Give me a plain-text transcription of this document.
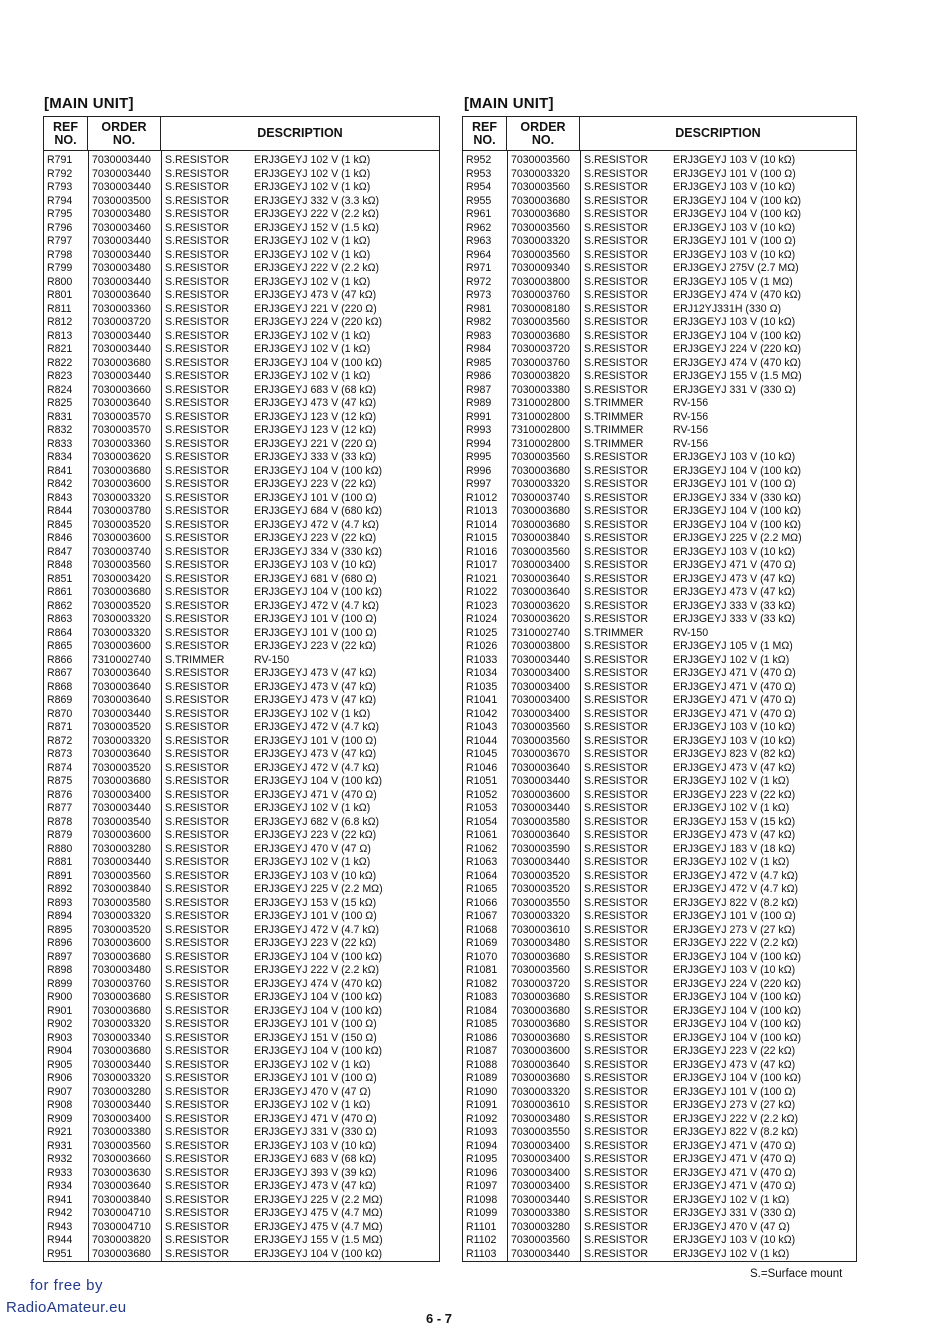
[MAIN UNIT]	[MAIN UNIT]
REF
NO.
ORDER
NO.	DESCRIPTION
R791 7030003440 S.RESISTOR ERJ3GEYJ 102 V (1 kΩ)
R792 7030003440 S.RESISTOR ERJ3GEYJ 102 V (1 kΩ)
R793 7030003440 S.RESISTOR ERJ3GEYJ 102 V (1 kΩ)
R794 7030003500 S.RESISTOR ERJ3GEYJ 332 V (3.3 kΩ)
R795 7030003480 S.RESISTOR ERJ3GEYJ 222 V (2.2 kΩ)
R796 7030003460 S.RESISTOR ERJ3GEYJ 152 V (1.5 kΩ)
R797 7030003440 S.RESISTOR ERJ3GEYJ 102 V (1 kΩ)
R798 7030003440 S.RESISTOR ERJ3GEYJ 102 V (1 kΩ)
R799 7030003480 S.RESISTOR ERJ3GEYJ 222 V (2.2 kΩ)
R800 7030003440 S.RESISTOR ERJ3GEYJ 102 V (1 kΩ)
R801 7030003640 S.RESISTOR ERJ3GEYJ 473 V (47 kΩ)
R811 7030003360 S.RESISTOR ERJ3GEYJ 221 V (220 Ω)
R812 7030003720 S.RESISTOR ERJ3GEYJ 224 V (220 kΩ)
R813 7030003440 S.RESISTOR ERJ3GEYJ 102 V (1 kΩ)
R821 7030003440 S.RESISTOR ERJ3GEYJ 102 V (1 kΩ)
R822 7030003680 S.RESISTOR ERJ3GEYJ 104 V (100 kΩ)
R823 7030003440 S.RESISTOR ERJ3GEYJ 102 V (1 kΩ)
R824 7030003660 S.RESISTOR ERJ3GEYJ 683 V (68 kΩ)
R825 7030003640 S.RESISTOR ERJ3GEYJ 473 V (47 kΩ)
R831 7030003570 S.RESISTOR ERJ3GEYJ 123 V (12 kΩ)
R832 7030003570 S.RESISTOR ERJ3GEYJ 123 V (12 kΩ)
R833 7030003360 S.RESISTOR ERJ3GEYJ 221 V (220 Ω)
R834 7030003620 S.RESISTOR ERJ3GEYJ 333 V (33 kΩ)
R841 7030003680 S.RESISTOR ERJ3GEYJ 104 V (100 kΩ)
R842 7030003600 S.RESISTOR ERJ3GEYJ 223 V (22 kΩ)
R843 7030003320 S.RESISTOR ERJ3GEYJ 101 V (100 Ω)
R844 7030003780 S.RESISTOR ERJ3GEYJ 684 V (680 kΩ)
R845 7030003520 S.RESISTOR ERJ3GEYJ 472 V (4.7 kΩ)
R846 7030003600 S.RESISTOR ERJ3GEYJ 223 V (22 kΩ)
R847 7030003740 S.RESISTOR ERJ3GEYJ 334 V (330 kΩ)
R848 7030003560 S.RESISTOR ERJ3GEYJ 103 V (10 kΩ)
R851 7030003420 S.RESISTOR ERJ3GEYJ 681 V (680 Ω)
R861 7030003680 S.RESISTOR ERJ3GEYJ 104 V (100 kΩ)
R862 7030003520 S.RESISTOR ERJ3GEYJ 472 V (4.7 kΩ)
R863 7030003320 S.RESISTOR ERJ3GEYJ 101 V (100 Ω)
R864 7030003320 S.RESISTOR ERJ3GEYJ 101 V (100 Ω)
R865 7030003600 S.RESISTOR ERJ3GEYJ 223 V (22 kΩ)
R866 7310002740 S.TRIMMER	RV-150
R867 7030003640 S.RESISTOR ERJ3GEYJ 473 V (47 kΩ)
R868 7030003640 S.RESISTOR ERJ3GEYJ 473 V (47 kΩ)
R869 7030003640 S.RESISTOR ERJ3GEYJ 473 V (47 kΩ)
R870 7030003440 S.RESISTOR ERJ3GEYJ 102 V (1 kΩ)
R871 7030003520 S.RESISTOR ERJ3GEYJ 472 V (4.7 kΩ)
R872 7030003320 S.RESISTOR ERJ3GEYJ 101 V (100 Ω)
R873 7030003640 S.RESISTOR ERJ3GEYJ 473 V (47 kΩ)
R874 7030003520 S.RESISTOR ERJ3GEYJ 472 V (4.7 kΩ)
R875 7030003680 S.RESISTOR ERJ3GEYJ 104 V (100 kΩ)
R876 7030003400 S.RESISTOR ERJ3GEYJ 471 V (470 Ω)
R877 7030003440 S.RESISTOR ERJ3GEYJ 102 V (1 kΩ)
R878 7030003540 S.RESISTOR ERJ3GEYJ 682 V (6.8 kΩ)
R879 7030003600 S.RESISTOR ERJ3GEYJ 223 V (22 kΩ)
R880 7030003280 S.RESISTOR ERJ3GEYJ 470 V (47 Ω)
R881 7030003440 S.RESISTOR ERJ3GEYJ 102 V (1 kΩ)
R891 7030003560 S.RESISTOR ERJ3GEYJ 103 V (10 kΩ)
R892 7030003840 S.RESISTOR ERJ3GEYJ 225 V (2.2 MΩ)
R893 7030003580 S.RESISTOR ERJ3GEYJ 153 V (15 kΩ)
R894 7030003320 S.RESISTOR ERJ3GEYJ 101 V (100 Ω)
R895 7030003520 S.RESISTOR ERJ3GEYJ 472 V (4.7 kΩ)
R896 7030003600 S.RESISTOR ERJ3GEYJ 223 V (22 kΩ)
R897 7030003680 S.RESISTOR ERJ3GEYJ 104 V (100 kΩ)
R898 7030003480 S.RESISTOR ERJ3GEYJ 222 V (2.2 kΩ)
R899 7030003760 S.RESISTOR ERJ3GEYJ 474 V (470 kΩ)
R900 7030003680 S.RESISTOR ERJ3GEYJ 104 V (100 kΩ)
R901 7030003680 S.RESISTOR ERJ3GEYJ 104 V (100 kΩ)
R902 7030003320 S.RESISTOR ERJ3GEYJ 101 V (100 Ω)
R903 7030003340 S.RESISTOR ERJ3GEYJ 151 V (150 Ω)
R904 7030003680 S.RESISTOR ERJ3GEYJ 104 V (100 kΩ)
R905 7030003440 S.RESISTOR ERJ3GEYJ 102 V (1 kΩ)
R906 7030003320 S.RESISTOR ERJ3GEYJ 101 V (100 Ω)
R907 7030003280 S.RESISTOR ERJ3GEYJ 470 V (47 Ω)
R908 7030003440 S.RESISTOR ERJ3GEYJ 102 V (1 kΩ)
R909 7030003400 S.RESISTOR ERJ3GEYJ 471 V (470 Ω)
R921 7030003380 S.RESISTOR ERJ3GEYJ 331 V (330 Ω)
R931 7030003560 S.RESISTOR ERJ3GEYJ 103 V (10 kΩ)
R932 7030003660 S.RESISTOR ERJ3GEYJ 683 V (68 kΩ)
R933 7030003630 S.RESISTOR ERJ3GEYJ 393 V (39 kΩ)
R934 7030003640 S.RESISTOR ERJ3GEYJ 473 V (47 kΩ)
R941 7030003840 S.RESISTOR ERJ3GEYJ 225 V (2.2 MΩ)
R942 7030004710 S.RESISTOR ERJ3GEYJ 475 V (4.7 MΩ)
R943 7030004710 S.RESISTOR ERJ3GEYJ 475 V (4.7 MΩ)
R944 7030003820 S.RESISTOR ERJ3GEYJ 155 V (1.5 MΩ)
R951 7030003680 S.RESISTOR ERJ3GEYJ 104 V (100 kΩ)
REF
NO.
ORDER
NO.	DESCRIPTION
R952 7030003560 S.RESISTOR ERJ3GEYJ 103 V (10 kΩ)
R953 7030003320 S.RESISTOR ERJ3GEYJ 101 V (100 Ω)
R954 7030003560 S.RESISTOR ERJ3GEYJ 103 V (10 kΩ)
R955 7030003680 S.RESISTOR ERJ3GEYJ 104 V (100 kΩ)
R961 7030003680 S.RESISTOR ERJ3GEYJ 104 V (100 kΩ)
R962 7030003560 S.RESISTOR ERJ3GEYJ 103 V (10 kΩ)
R963 7030003320 S.RESISTOR ERJ3GEYJ 101 V (100 Ω)
R964 7030003560 S.RESISTOR ERJ3GEYJ 103 V (10 kΩ)
R971 7030009340 S.RESISTOR ERJ3GEYJ 275V (2.7 MΩ)
R972 7030003800 S.RESISTOR ERJ3GEYJ 105 V (1 MΩ)
R973 7030003760 S.RESISTOR ERJ3GEYJ 474 V (470 kΩ)
R981 7030008180 S.RESISTOR ERJ12YJ331H (330 Ω)
R982 7030003560 S.RESISTOR ERJ3GEYJ 103 V (10 kΩ)
R983 7030003680 S.RESISTOR ERJ3GEYJ 104 V (100 kΩ)
R984 7030003720 S.RESISTOR ERJ3GEYJ 224 V (220 kΩ)
R985 7030003760 S.RESISTOR ERJ3GEYJ 474 V (470 kΩ)
R986 7030003820 S.RESISTOR ERJ3GEYJ 155 V (1.5 MΩ)
R987 7030003380 S.RESISTOR ERJ3GEYJ 331 V (330 Ω)
R989 7310002800 S.TRIMMER	RV-156
R991 7310002800 S.TRIMMER	RV-156
R993 7310002800 S.TRIMMER	RV-156
R994 7310002800 S.TRIMMER	RV-156
R995 7030003560 S.RESISTOR ERJ3GEYJ 103 V (10 kΩ)
R996 7030003680 S.RESISTOR ERJ3GEYJ 104 V (100 kΩ)
R997 7030003320 S.RESISTOR ERJ3GEYJ 101 V (100 Ω)
R1012 7030003740 S.RESISTOR ERJ3GEYJ 334 V (330 kΩ)
R1013 7030003680 S.RESISTOR ERJ3GEYJ 104 V (100 kΩ)
R1014 7030003680 S.RESISTOR ERJ3GEYJ 104 V (100 kΩ)
R1015 7030003840 S.RESISTOR ERJ3GEYJ 225 V (2.2 MΩ)
R1016 7030003560 S.RESISTOR ERJ3GEYJ 103 V (10 kΩ)
R1017 7030003400 S.RESISTOR ERJ3GEYJ 471 V (470 Ω)
R1021 7030003640 S.RESISTOR ERJ3GEYJ 473 V (47 kΩ)
R1022 7030003640 S.RESISTOR ERJ3GEYJ 473 V (47 kΩ)
R1023 7030003620 S.RESISTOR ERJ3GEYJ 333 V (33 kΩ)
R1024 7030003620 S.RESISTOR ERJ3GEYJ 333 V (33 kΩ)
R1025 7310002740 S.TRIMMER	RV-150
R1026 7030003800 S.RESISTOR ERJ3GEYJ 105 V (1 MΩ)
R1033 7030003440 S.RESISTOR ERJ3GEYJ 102 V (1 kΩ)
R1034 7030003400 S.RESISTOR ERJ3GEYJ 471 V (470 Ω)
R1035 7030003400 S.RESISTOR ERJ3GEYJ 471 V (470 Ω)
R1041 7030003400 S.RESISTOR ERJ3GEYJ 471 V (470 Ω)
R1042 7030003400 S.RESISTOR ERJ3GEYJ 471 V (470 Ω)
R1043 7030003560 S.RESISTOR ERJ3GEYJ 103 V (10 kΩ)
R1044 7030003560 S.RESISTOR ERJ3GEYJ 103 V (10 kΩ)
R1045 7030003670 S.RESISTOR ERJ3GEYJ 823 V (82 kΩ)
R1046 7030003640 S.RESISTOR ERJ3GEYJ 473 V (47 kΩ)
R1051 7030003440 S.RESISTOR ERJ3GEYJ 102 V (1 kΩ)
R1052 7030003600 S.RESISTOR ERJ3GEYJ 223 V (22 kΩ)
R1053 7030003440 S.RESISTOR ERJ3GEYJ 102 V (1 kΩ)
R1054 7030003580 S.RESISTOR ERJ3GEYJ 153 V (15 kΩ)
R1061 7030003640 S.RESISTOR ERJ3GEYJ 473 V (47 kΩ)
R1062 7030003590 S.RESISTOR ERJ3GEYJ 183 V (18 kΩ)
R1063 7030003440 S.RESISTOR ERJ3GEYJ 102 V (1 kΩ)
R1064 7030003520 S.RESISTOR ERJ3GEYJ 472 V (4.7 kΩ)
R1065 7030003520 S.RESISTOR ERJ3GEYJ 472 V (4.7 kΩ)
R1066 7030003550 S.RESISTOR ERJ3GEYJ 822 V (8.2 kΩ)
R1067 7030003320 S.RESISTOR ERJ3GEYJ 101 V (100 Ω)
R1068 7030003610 S.RESISTOR ERJ3GEYJ 273 V (27 kΩ)
R1069 7030003480 S.RESISTOR ERJ3GEYJ 222 V (2.2 kΩ)
R1070 7030003680 S.RESISTOR ERJ3GEYJ 104 V (100 kΩ)
R1081 7030003560 S.RESISTOR ERJ3GEYJ 103 V (10 kΩ)
R1082 7030003720 S.RESISTOR ERJ3GEYJ 224 V (220 kΩ)
R1083 7030003680 S.RESISTOR ERJ3GEYJ 104 V (100 kΩ)
R1084 7030003680 S.RESISTOR ERJ3GEYJ 104 V (100 kΩ)
R1085 7030003680 S.RESISTOR ERJ3GEYJ 104 V (100 kΩ)
R1086 7030003680 S.RESISTOR ERJ3GEYJ 104 V (100 kΩ)
R1087 7030003600 S.RESISTOR ERJ3GEYJ 223 V (22 kΩ)
R1088 7030003640 S.RESISTOR ERJ3GEYJ 473 V (47 kΩ)
R1089 7030003680 S.RESISTOR ERJ3GEYJ 104 V (100 kΩ)
R1090 7030003320 S.RESISTOR ERJ3GEYJ 101 V (100 Ω)
R1091 7030003610 S.RESISTOR ERJ3GEYJ 273 V (27 kΩ)
R1092 7030003480 S.RESISTOR ERJ3GEYJ 222 V (2.2 kΩ)
R1093 7030003550 S.RESISTOR ERJ3GEYJ 822 V (8.2 kΩ)
R1094 7030003400 S.RESISTOR ERJ3GEYJ 471 V (470 Ω)
R1095 7030003400 S.RESISTOR ERJ3GEYJ 471 V (470 Ω)
R1096 7030003400 S.RESISTOR ERJ3GEYJ 471 V (470 Ω)
R1097 7030003400 S.RESISTOR ERJ3GEYJ 471 V (470 Ω)
R1098 7030003440 S.RESISTOR ERJ3GEYJ 102 V (1 kΩ)
R1099 7030003380 S.RESISTOR ERJ3GEYJ 331 V (330 Ω)
R1101 7030003280 S.RESISTOR ERJ3GEYJ 470 V (47 Ω)
R1102 7030003560 S.RESISTOR ERJ3GEYJ 103 V (10 kΩ)
R1103 7030003440 S.RESISTOR ERJ3GEYJ 102 V (1 kΩ)
S.=Surface mount
for free by
RadioAmateur.eu
6 - 7
